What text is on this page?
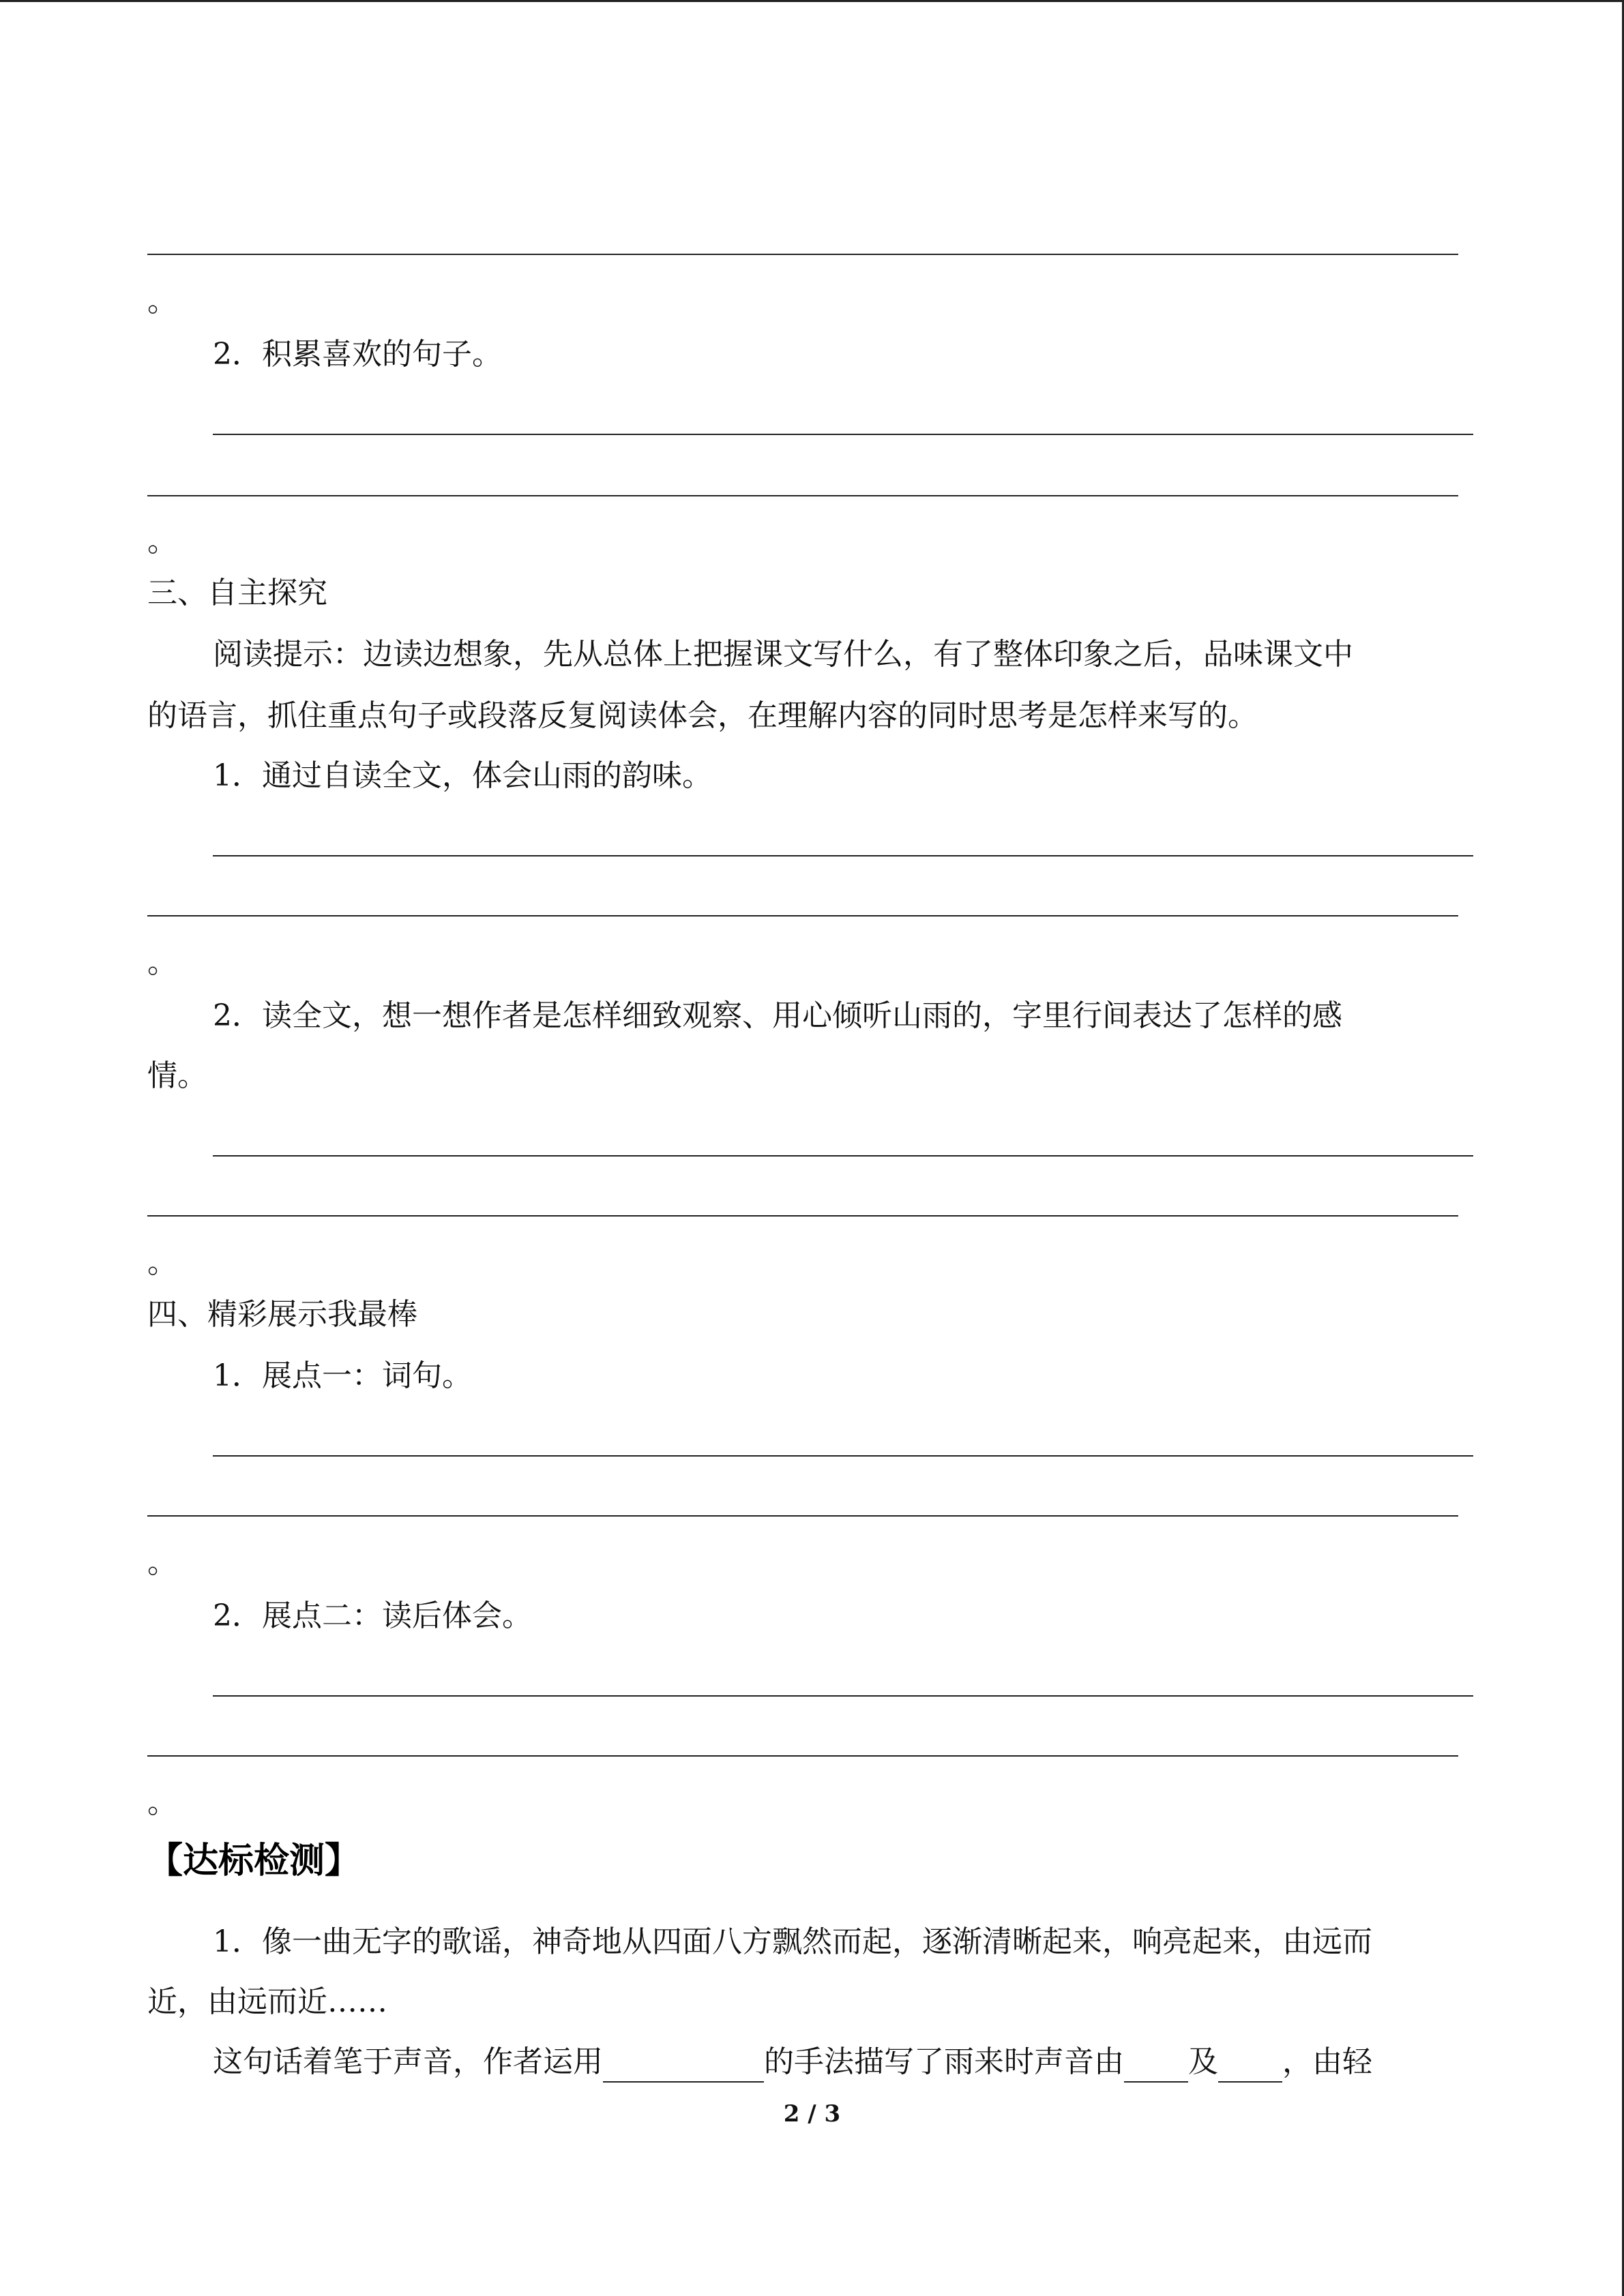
。
2．积累喜欢的句子。
。
三、自主探究
阅读提示：边读边想象，先从总体上把握课文写什么，有了整体印象之后，品味课文中
的语言，抓住重点句子或段落反复阅读体会，在理解内容的同时思考是怎样来写的。
1．通过自读全文，体会山雨的韵味。
。
2．读全文，想一想作者是怎样细致观察、用心倾听山雨的，字里行间表达了怎样的感
情。
。
四、精彩展示我最棒
1．展点一：词句。
。
2．展点二：读后体会。
。
【达标检测】
1．像一曲无字的歌谣，神奇地从四面八方飘然而起，逐渐清晰起来，响亮起来，由远而
近，由远而近……
这句话着笔于声音，作者运用	的手法描写了雨来时声音由 及 ，由轻
2 / 3
